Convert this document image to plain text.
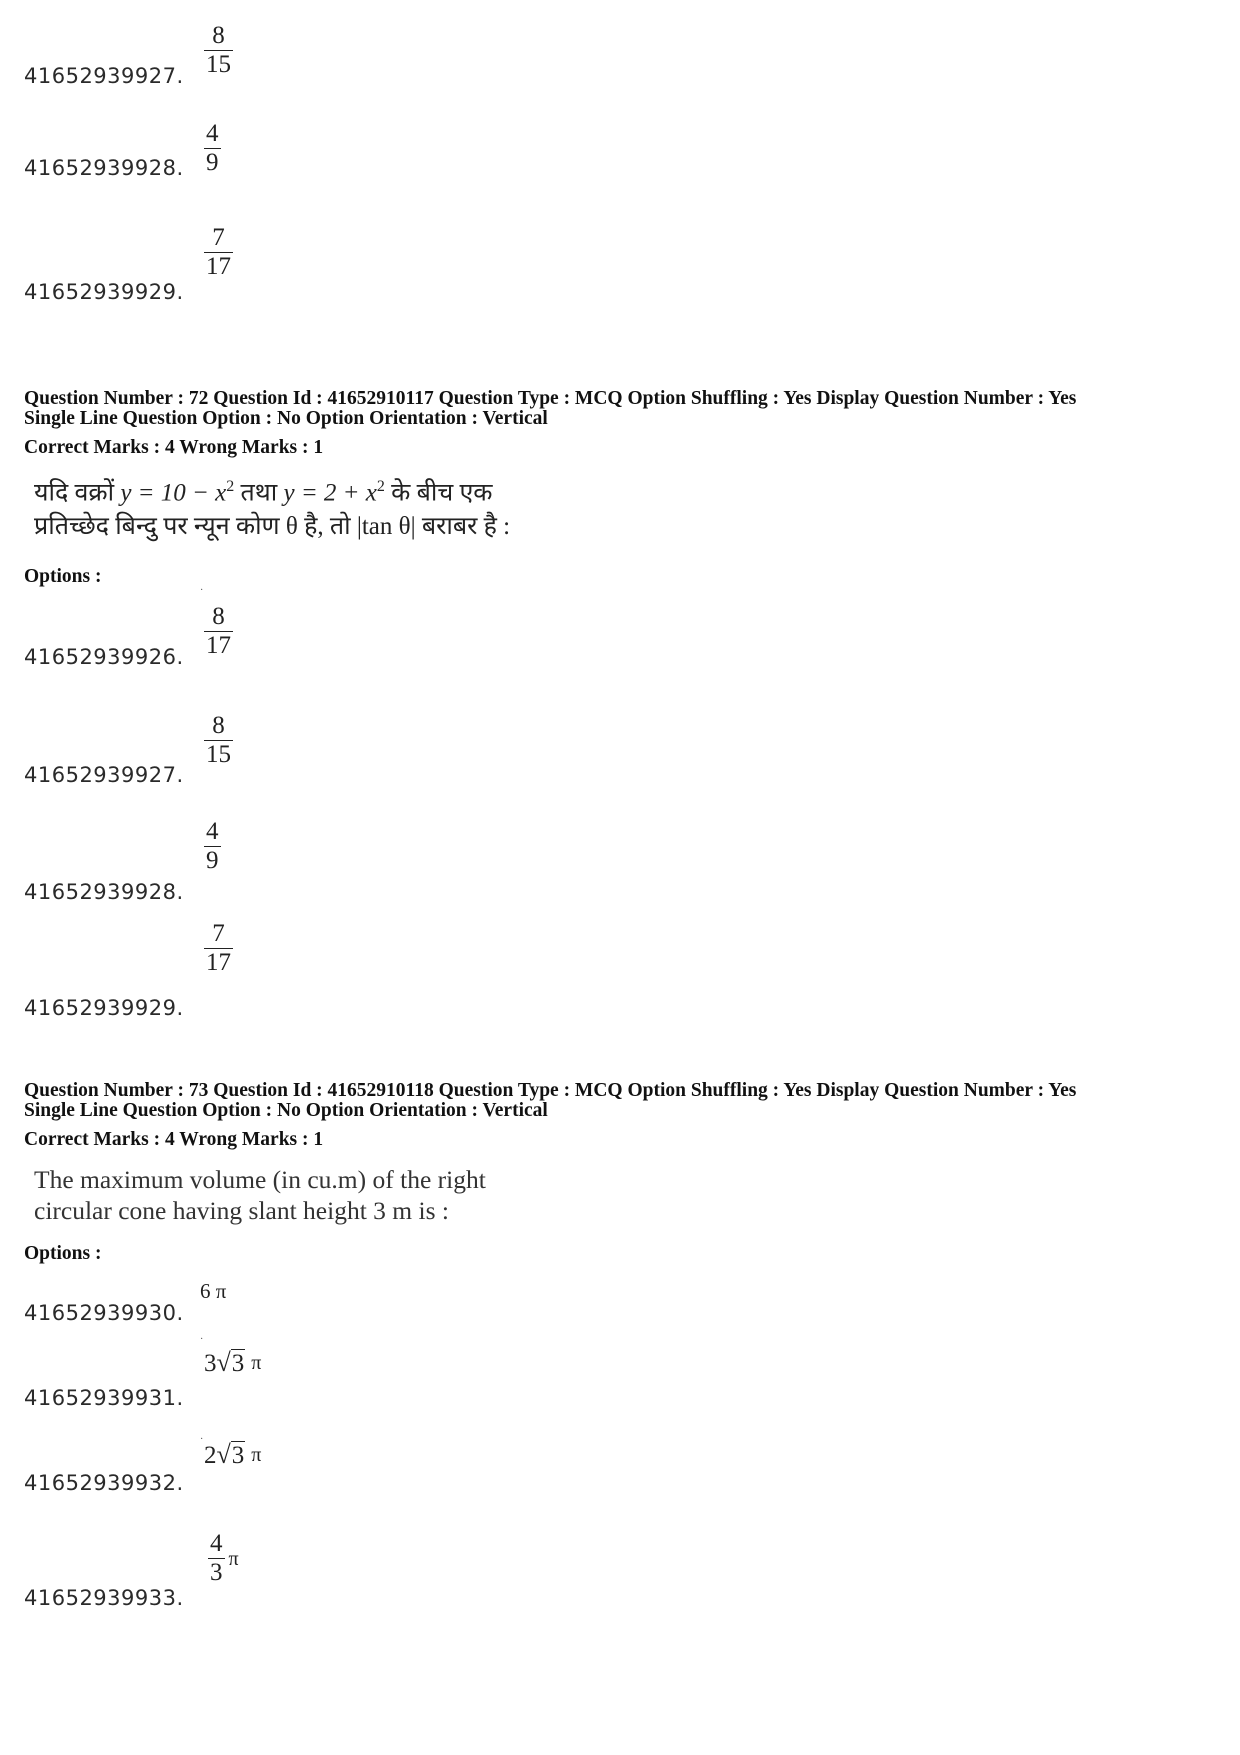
$\frac{8}{15}$
41652939927.
$\frac{4}{9}$
41652939928.
$\frac{7}{17}$
41652939929.
Question Number : 72 Question Id : 41652910117 Question Type : MCQ Option Shuffling : Yes Display Question Number : Yes
Single Line Question Option : No Option Orientation : Vertical
Correct Marks : 4 Wrong Marks : 1
यदि वक्रों $y = 10 - x^2$ तथा $y = 2 + x^2$ के बीच एक
प्रतिच्छेद बिन्दु पर न्यून कोण θ है, तो |tan θ| बराबर है :
Options :
·
$\frac{8}{17}$
41652939926.
$\frac{8}{15}$
41652939927.
$\frac{4}{9}$
41652939928.
$\frac{7}{17}$
41652939929.
Question Number : 73 Question Id : 41652910118 Question Type : MCQ Option Shuffling : Yes Display Question Number : Yes
Single Line Question Option : No Option Orientation : Vertical
Correct Marks : 4 Wrong Marks : 1
The maximum volume (in cu.m) of the right
circular cone having slant height 3 m is :
Options :
6 π
41652939930.
·
3√3 π
41652939931.
·
2√3 π
41652939932.
$\frac{4}{3} ^\pi$
41652939933.
